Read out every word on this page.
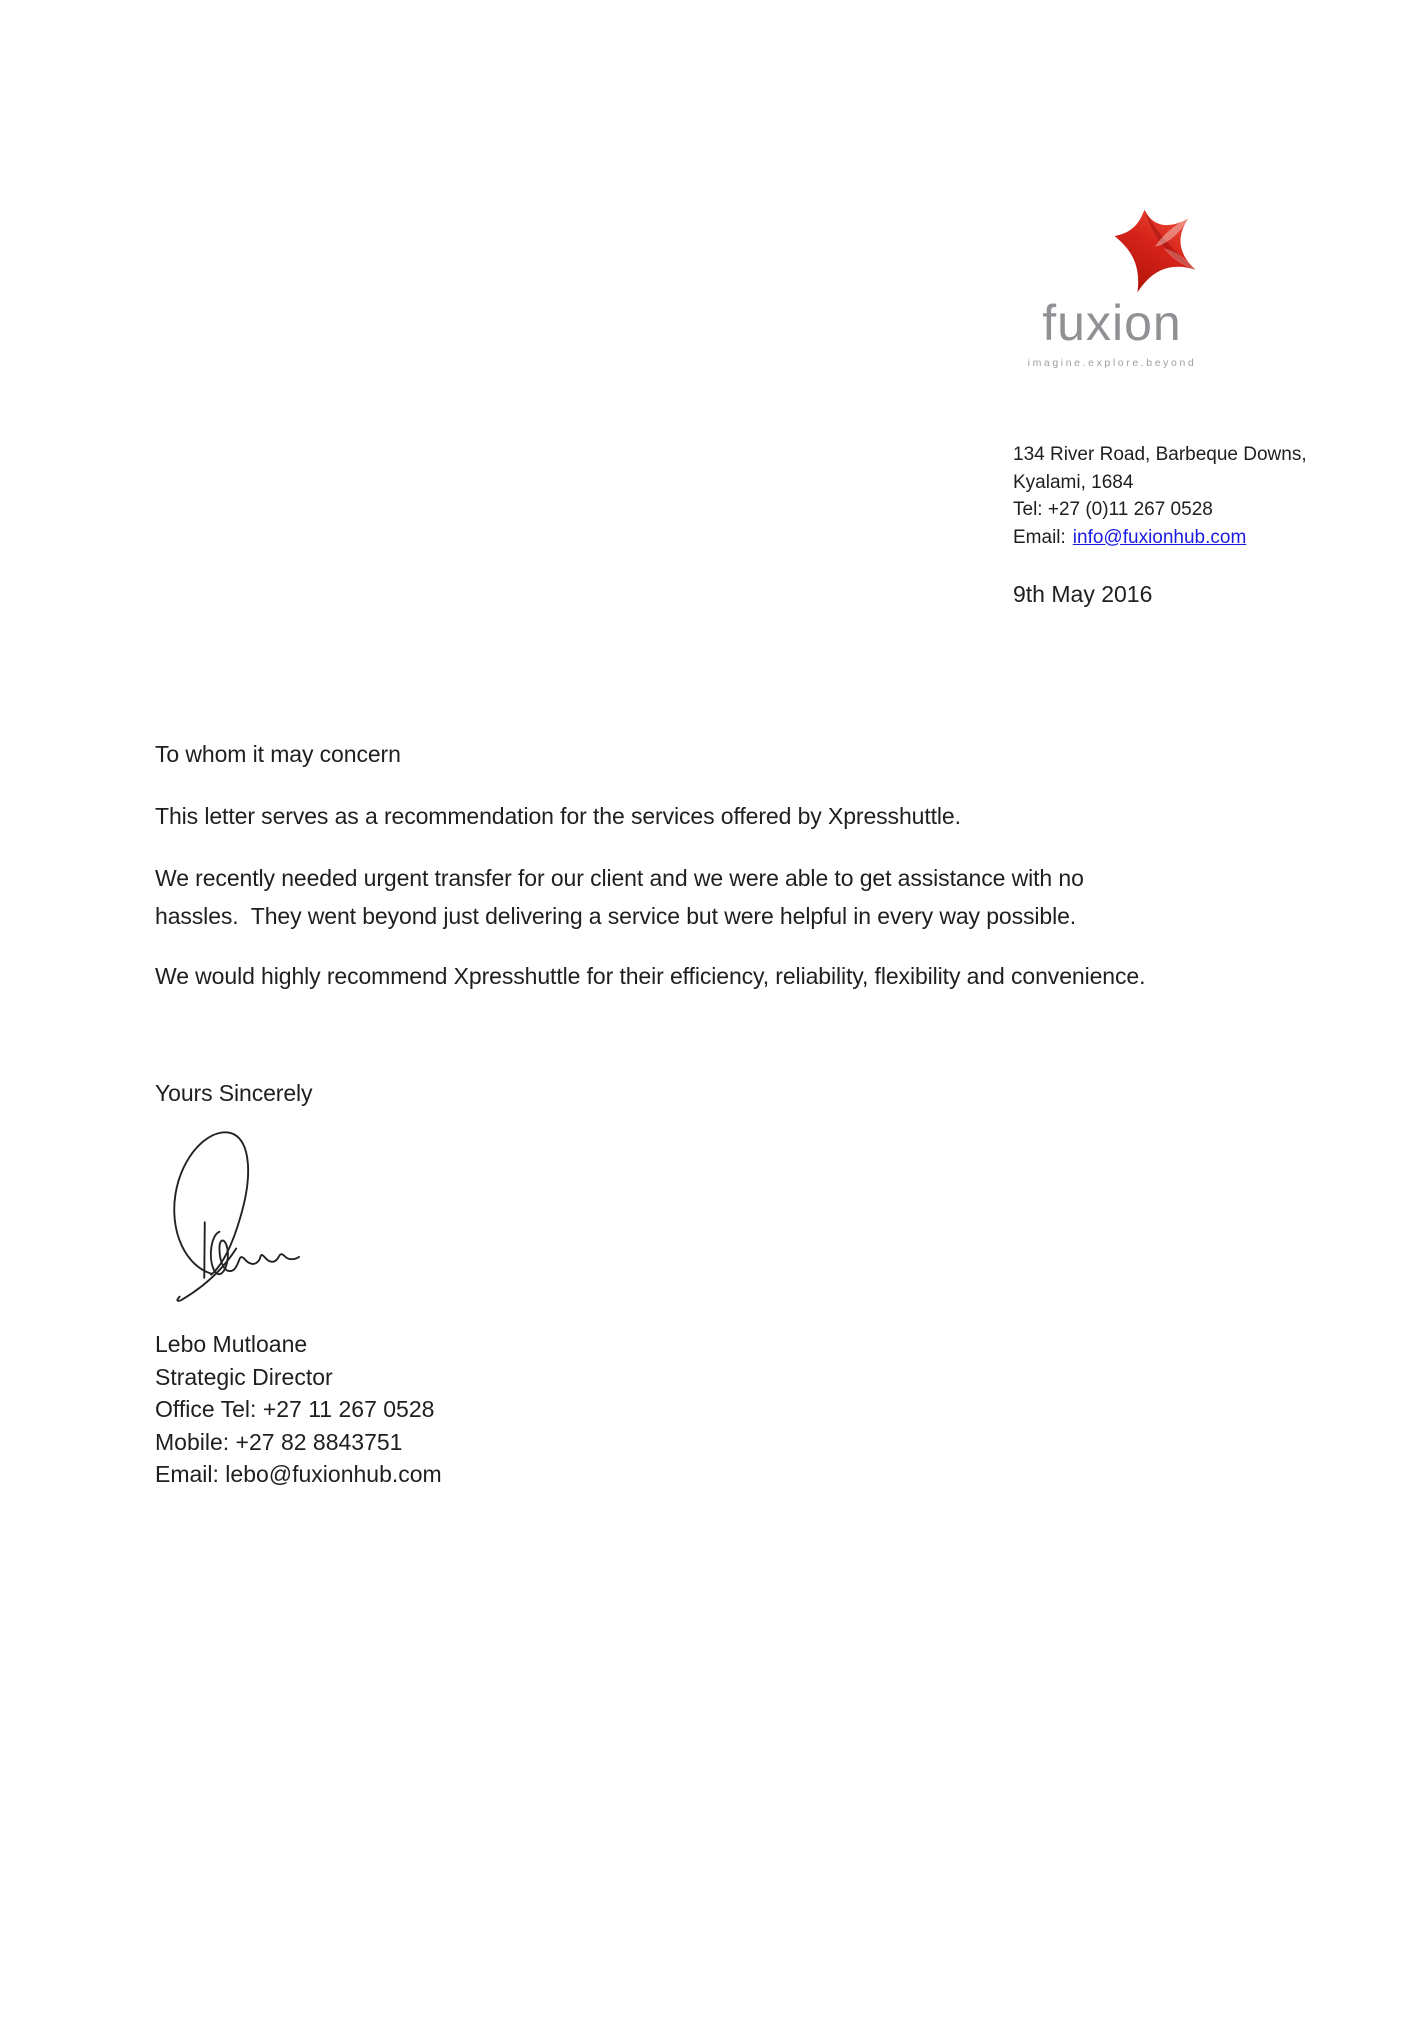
fuxion
imagine.explore.beyond
134 River Road, Barbeque Downs,
Kyalami, 1684
Tel: +27 (0)11 267 0528
Email: info@fuxionhub.com
9th May 2016
To whom it may concern
This letter serves as a recommendation for the services offered by Xpresshuttle.
We recently needed urgent transfer for our client and we were able to get assistance with no
hassles.  They went beyond just delivering a service but were helpful in every way possible.
We would highly recommend Xpresshuttle for their efficiency, reliability, flexibility and convenience.
Yours Sincerely
Lebo Mutloane
Strategic Director
Office Tel: +27 11 267 0528
Mobile: +27 82 8843751
Email: lebo@fuxionhub.com
